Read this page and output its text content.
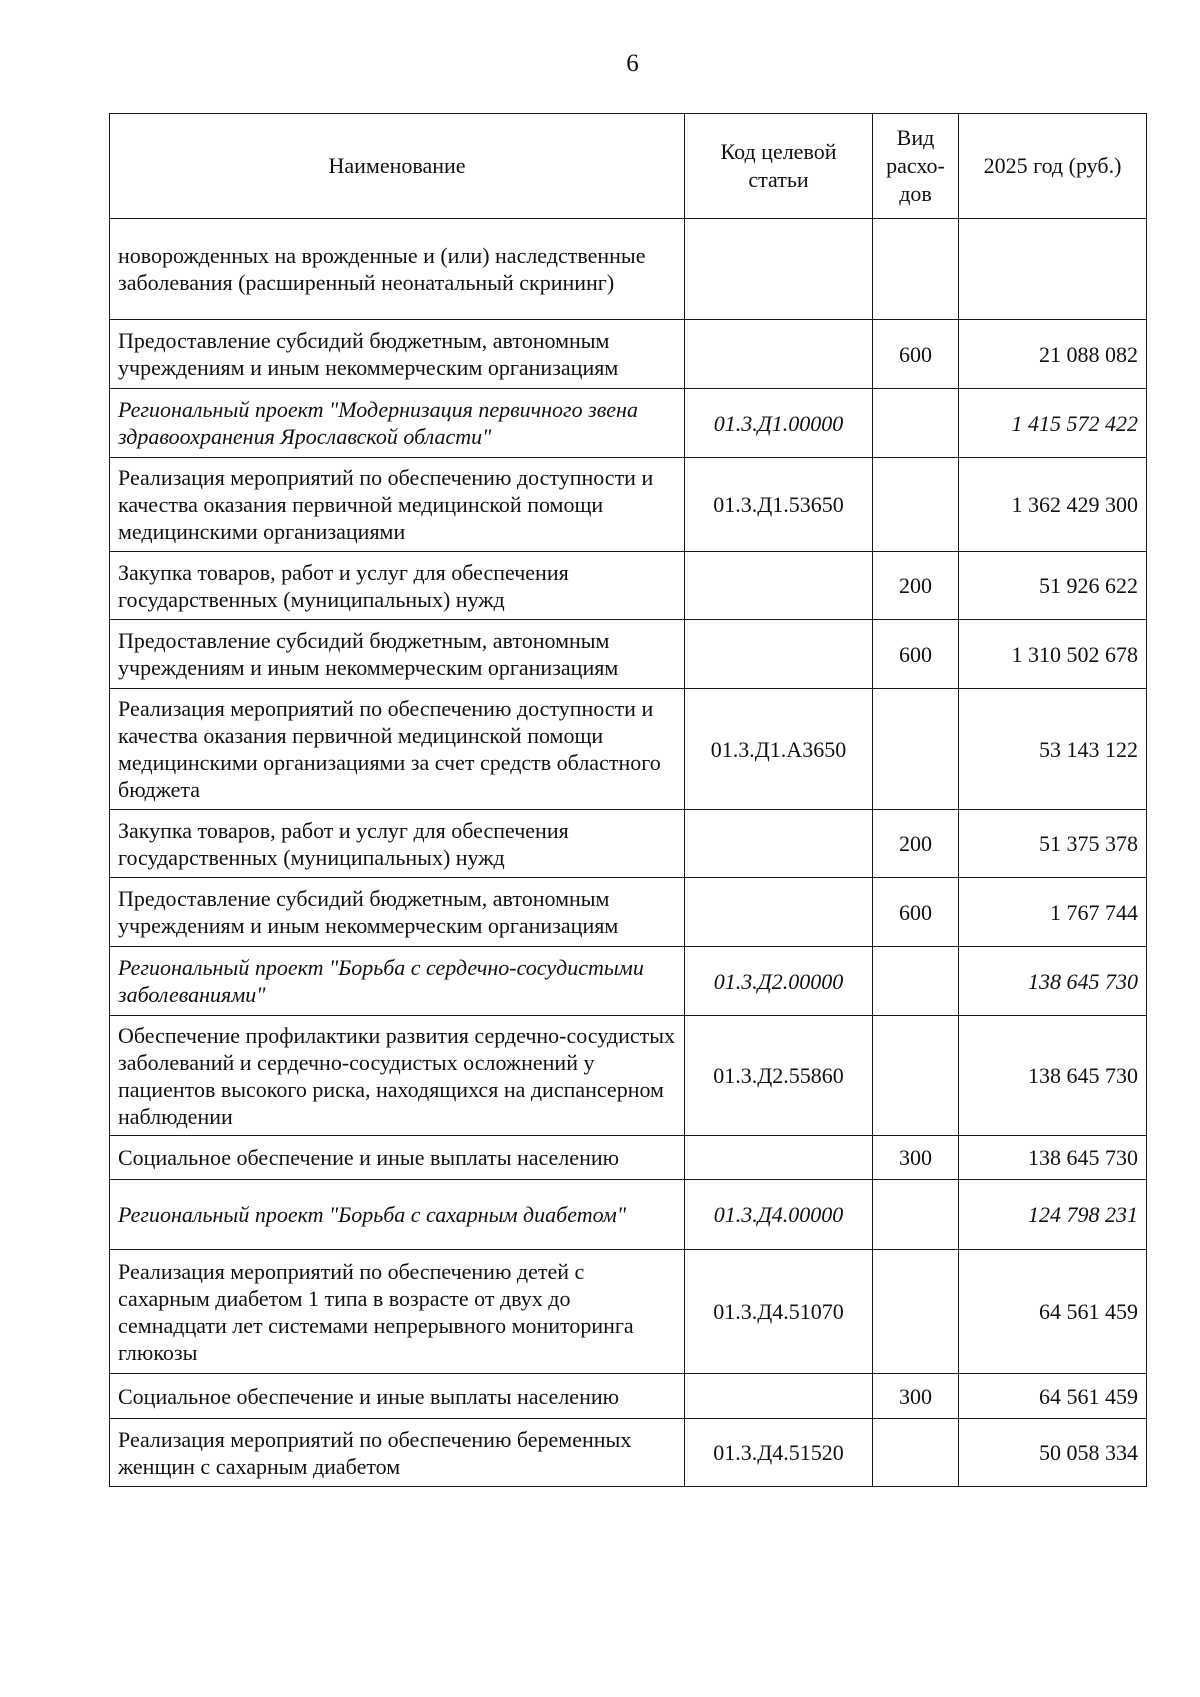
6
Наименование	Код целевой статьи	Вид расхо-дов	2025 год (руб.)
новорожденных на врожденные и (или) наследственные заболевания (расширенный неонатальный скрининг)			
Предоставление субсидий бюджетным, автономным учреждениям и иным некоммерческим организациям		600	21 088 082
Региональный проект "Модернизация первичного звена здравоохранения Ярославской области"	01.3.Д1.00000		1 415 572 422
Реализация мероприятий по обеспечению доступности и качества оказания первичной медицинской помощи медицинскими организациями	01.3.Д1.53650		1 362 429 300
Закупка товаров, работ и услуг для обеспечения государственных (муниципальных) нужд		200	51 926 622
Предоставление субсидий бюджетным, автономным учреждениям и иным некоммерческим организациям		600	1 310 502 678
Реализация мероприятий по обеспечению доступности и качества оказания первичной медицинской помощи медицинскими организациями за счет средств областного бюджета	01.3.Д1.А3650		53 143 122
Закупка товаров, работ и услуг для обеспечения государственных (муниципальных) нужд		200	51 375 378
Предоставление субсидий бюджетным, автономным учреждениям и иным некоммерческим организациям		600	1 767 744
Региональный проект "Борьба с сердечно-сосудистыми заболеваниями"	01.3.Д2.00000		138 645 730
Обеспечение профилактики развития сердечно-сосудистых заболеваний и сердечно-сосудистых осложнений у пациентов высокого риска, находящихся на диспансерном наблюдении	01.3.Д2.55860		138 645 730
Социальное обеспечение и иные выплаты населению		300	138 645 730
Региональный проект "Борьба с сахарным диабетом"	01.3.Д4.00000		124 798 231
Реализация мероприятий по обеспечению детей с сахарным диабетом 1 типа в возрасте от двух до семнадцати лет системами непрерывного мониторинга глюкозы	01.3.Д4.51070		64 561 459
Социальное обеспечение и иные выплаты населению		300	64 561 459
Реализация мероприятий по обеспечению беременных женщин с сахарным диабетом	01.3.Д4.51520		50 058 334
